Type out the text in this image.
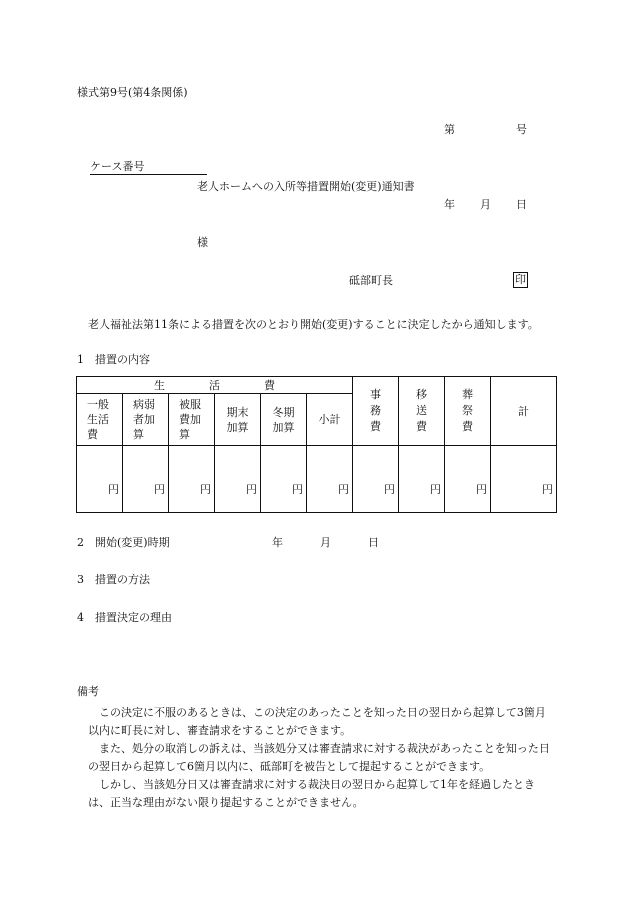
様式第9号(第4条関係)
第	号
ケース番号
老人ホームへの入所等措置開始(変更)通知書
年 月 日
様
砥部町長	印

老人福祉法第11条による措置を次のとおり開始(変更)することに決定したから通知します。

1　措置の内容
生活費						事務費	移送費	葬祭費	計
一般生活費	病弱者加算	被服費加算	期末加算	冬期加算	小計				
円	円	円	円	円	円	円	円	円	円
2　開始(変更)時期	年	月	日
3　措置の方法
4　措置決定の理由
備考

この決定に不服のあるときは、この決定のあったことを知った日の翌日から起算して3箇月以内に町長に対し、審査請求をすることができます。

また、処分の取消しの訴えは、当該処分又は審査請求に対する裁決があったことを知った日の翌日から起算して6箇月以内に、砥部町を被告として提起することができます。

しかし、当該処分日又は審査請求に対する裁決日の翌日から起算して1年を経過したときは、正当な理由がない限り提起することができません。
